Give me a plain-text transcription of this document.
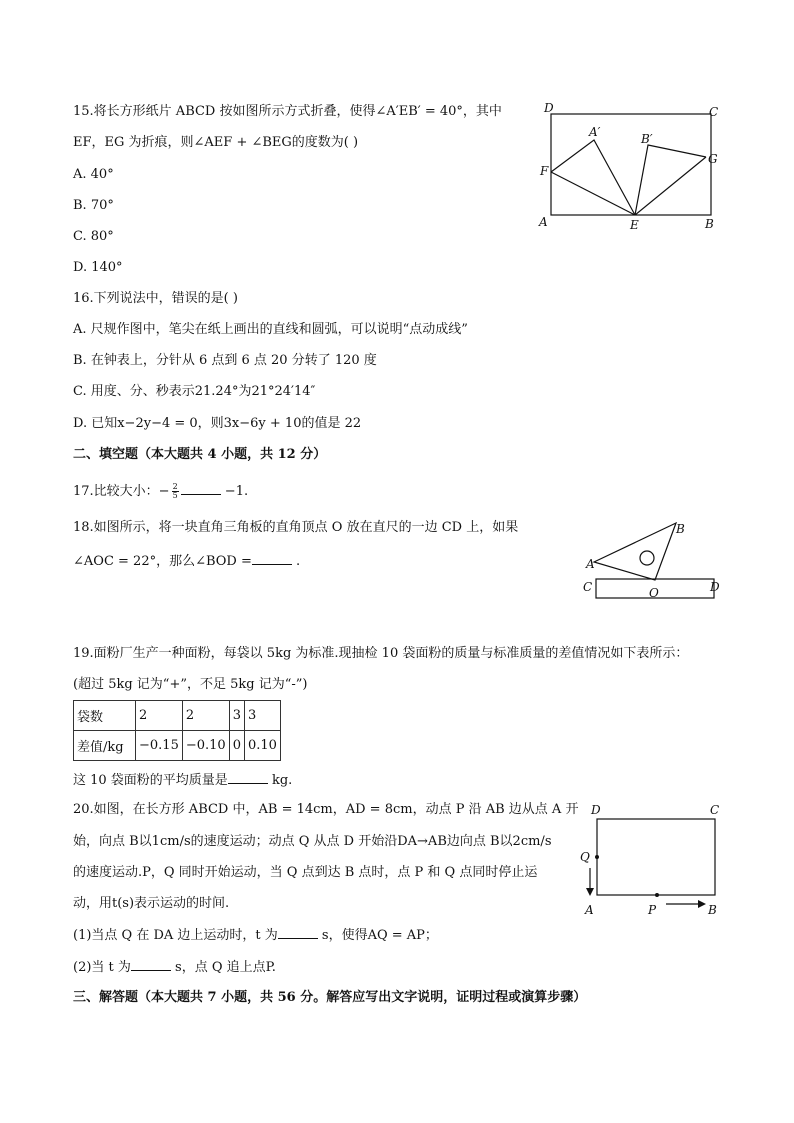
15.将长方形纸片 ABCD 按如图所示方式折叠，使得∠A′EB′ = 40°，其中
EF，EG 为折痕，则∠AEF + ∠BEG的度数为( )
A. 40°
B. 70°
C. 80°
D. 140°
D	C
A′	B′
F
G
A	E	B
16.下列说法中，错误的是( )
A. 尺规作图中，笔尖在纸上画出的直线和圆弧，可以说明“点动成线”
B. 在钟表上，分针从 6 点到 6 点 20 分转了 120 度
C. 用度、分、秒表示21.24°为21°24′14″
D. 已知x−2y−4 = 0，则3x−6y + 10的值是 22
二、填空题（本大题共 4 小题，共 12 分）
17.比较大小：− $\frac{2}{5}$	−1.
18.如图所示，将一块直角三角板的直角顶点 O 放在直尺的一边 CD 上，如果
∠AOC = 22°，那么∠BOD =	.	A
B
C	O	D
19.面粉厂生产一种面粉，每袋以 5kg 为标准.现抽检 10 袋面粉的质量与标准质量的差值情况如下表所示：
(超过 5kg 记为“+”，不足 5kg 记为“-”)
袋数	2	2	3	3
差值/kg	−0.15	−0.10	0	0.10
这 10 袋面粉的平均质量是	kg.
20.如图，在长方形 ABCD 中，AB = 14cm，AD = 8cm，动点 P 沿 AB 边从点 A 开
始，向点 B以1cm/s的速度运动；动点 Q 从点 D 开始沿DA→AB边向点 B以2cm/s
的速度运动.P，Q 同时开始运动，当 Q 点到达 B 点时，点 P 和 Q 点同时停止运
动，用t(s)表示运动的时间.
(1)当点 Q 在 DA 边上运动时，t 为	s，使得AQ = AP；
(2)当 t 为	s，点 Q 追上点P.
D	C
Q
A	P	B
三、解答题（本大题共 7 小题，共 56 分。解答应写出文字说明，证明过程或演算步骤）
